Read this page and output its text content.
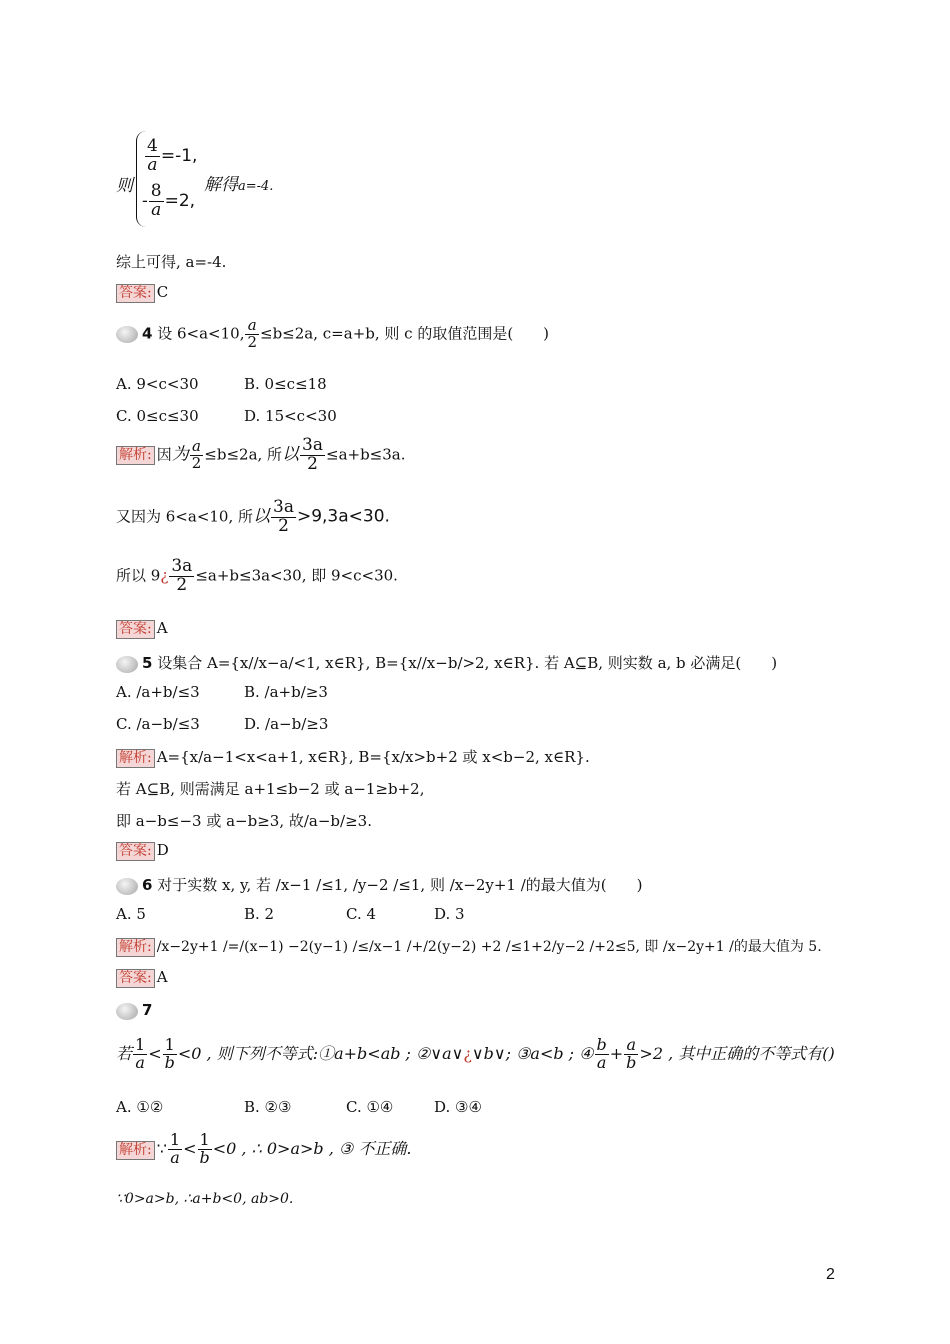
则
$\frac{4}{a} =-1$,
- $\frac{8}{a} =2$,
解得a=-4.
综上可得, a=-4.
答案: C
4 设 6<a<10, $\frac{a}{2} \le b\le 2a$, c=a+b, 则 c 的取值范围是(　　)
A. 9<c<30	B. 0≤c≤18
C. 0≤c≤30	D. 15<c<30
解析: 因为 $\frac{a}{2} \le b\le 2a$, 所以 $\frac{3a}{2} \le a+b\le 3a$.
又因为 6<a<10, 所以 $\frac{3a}{2} >9,3a<30$.
所以 9¿ $\frac{3a}{2} \le a+b\le 3a<30$, 即 9<c<30.
答案: A
5 设集合 A={x//x−a/<1, x∈R}, B={x//x−b/>2, x∈R}. 若 A⊆B, 则实数 a, b 必满足(　　)
A. /a+b/≤3	B. /a+b/≥3
C. /a−b/≤3	D. /a−b/≥3
解析: A={x/a−1<x<a+1, x∈R}, B={x/x>b+2 或 x<b−2, x∈R}.
若 A⊆B, 则需满足 a+1≤b−2 或 a−1≥b+2,
即 a−b≤−3 或 a−b≥3, 故/a−b/≥3.
答案: D
6 对于实数 x, y, 若 /x−1 /≤1, /y−2 /≤1, 则 /x−2y+1 /的最大值为(　　)
A. 5	B. 2	C. 4	D. 3
解析: /x−2y+1 /=/(x−1) −2(y−1) /≤/x−1 /+/2(y−2) +2 /≤1+2/y−2 /+2≤5, 即 /x−2y+1 /的最大值为 5.
答案: A
7
若 $\frac{1}{a} < \frac{1}{b} <0$ , 则下列不等式:①a+b<ab ; ②∨a∨¿∨b∨; ③a<b ; ④ $\frac{b}{a} + \frac{a}{b} >2$ , 其中正确的不等式有()
A. ①②	B. ②③	C. ①④	D. ③④
解析: ∵ $\frac{1}{a} < \frac{1}{b} <0$ , ∴ 0>a>b , ③ 不正确.
∵0>a>b, ∴a+b<0, ab>0.
2
